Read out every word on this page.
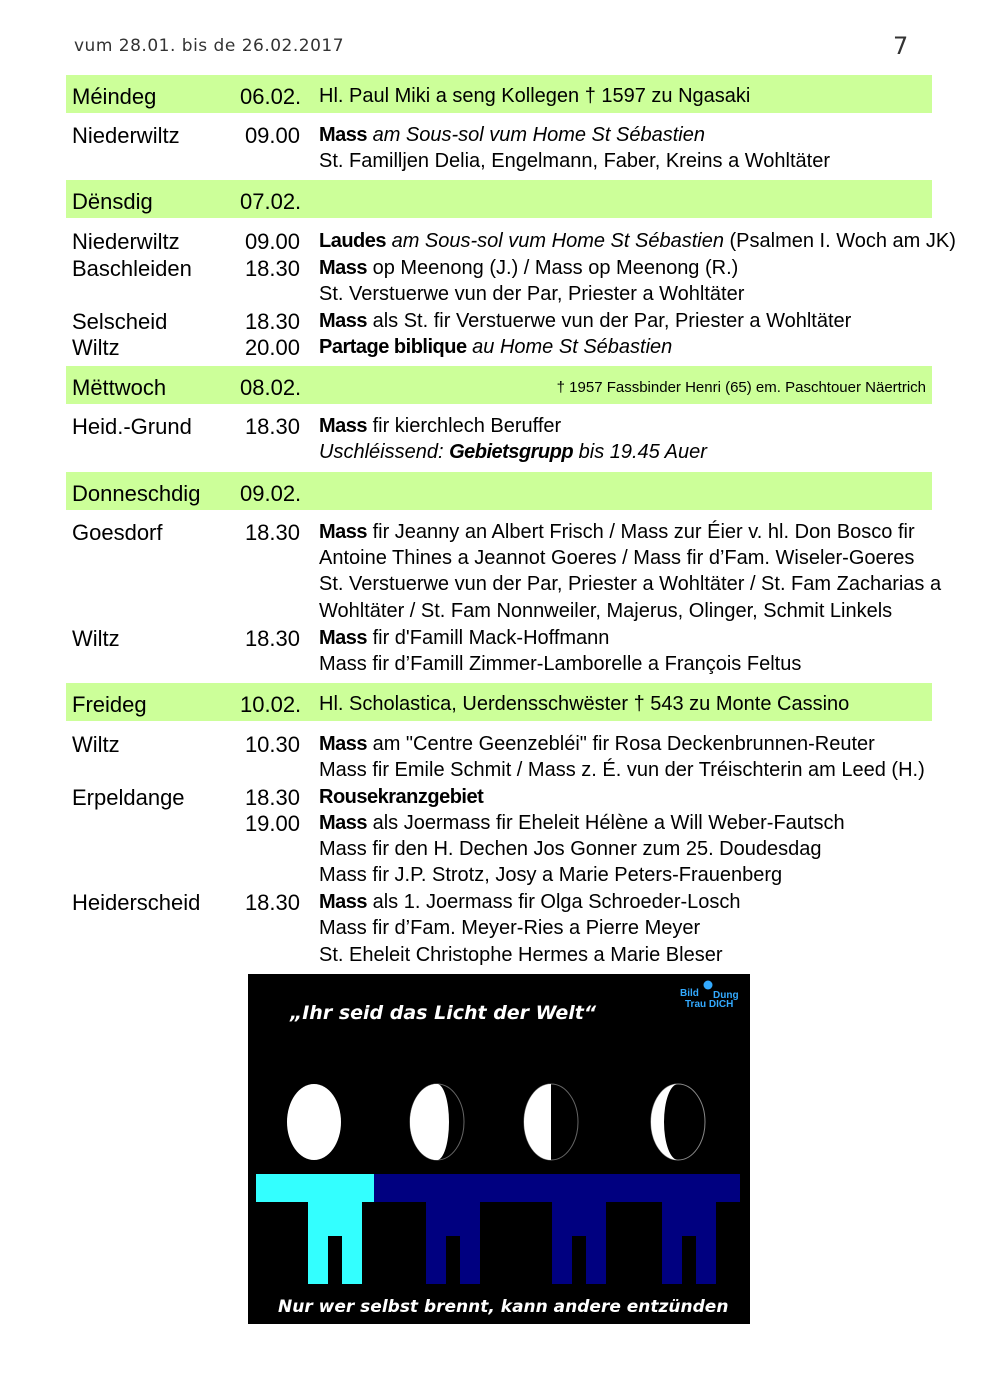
vum 28.01. bis de 26.02.2017	7
Méindeg	06.02. Hl. Paul Miki a seng Kollegen † 1597 zu Ngasaki
Niederwiltz	09.00 Mass am Sous-sol vum Home St Sébastien
St. Familljen Delia, Engelmann, Faber, Kreins a Wohltäter
Dënsdig	07.02.
Niederwiltz	09.00 Laudes am Sous-sol vum Home St Sébastien (Psalmen I. Woch am JK)
Baschleiden 18.30 Mass op Meenong (J.) / Mass op Meenong (R.)
St. Verstuerwe vun der Par, Priester a Wohltäter
Selscheid	18.30 Mass als St. fir Verstuerwe vun der Par, Priester a Wohltäter
Wiltz	20.00 Partage biblique au Home St Sébastien
Mëttwoch	08.02.	† 1957 Fassbinder Henri (65) em. Paschtouer Näertrich
Heid.-Grund 18.30 Mass fir kierchlech Beruffer
Uschléissend: Gebietsgrupp bis 19.45 Auer
Donneschdig 09.02.
Goesdorf	18.30 Mass fir Jeanny an Albert Frisch / Mass zur Éier v. hl. Don Bosco fir
Antoine Thines a Jeannot Goeres / Mass fir d’Fam. Wiseler-Goeres
St. Verstuerwe vun der Par, Priester a Wohltäter / St. Fam Zacharias a
Wohltäter / St. Fam Nonnweiler, Majerus, Olinger, Schmit Linkels
Wiltz	18.30 Mass fir d'Famill Mack-Hoffmann
Mass fir d’Famill Zimmer-Lamborelle a François Feltus
Freideg	10.02. Hl. Scholastica, Uerdensschwëster † 543 zu Monte Cassino
Wiltz	10.30 Mass am "Centre Geenzebléi" fir Rosa Deckenbrunnen-Reuter
Mass fir Emile Schmit / Mass z. É. vun der Tréischterin am Leed (H.)
Erpeldange	18.30 Rousekranzgebiet
19.00 Mass als Joermass fir Eheleit Hélène a Will Weber-Fautsch
Mass fir den H. Dechen Jos Gonner zum 25. Doudesdag
Mass fir J.P. Strotz, Josy a Marie Peters-Frauenberg
Heiderscheid 18.30 Mass als 1. Joermass fir Olga Schroeder-Losch
Mass fir d’Fam. Meyer-Ries a Pierre Meyer
St. Eheleit Christophe Hermes a Marie Bleser
Bild Dung
Trau DICH
„Ihr seid das Licht der Welt“
Nur wer selbst brennt, kann andere entzünden
